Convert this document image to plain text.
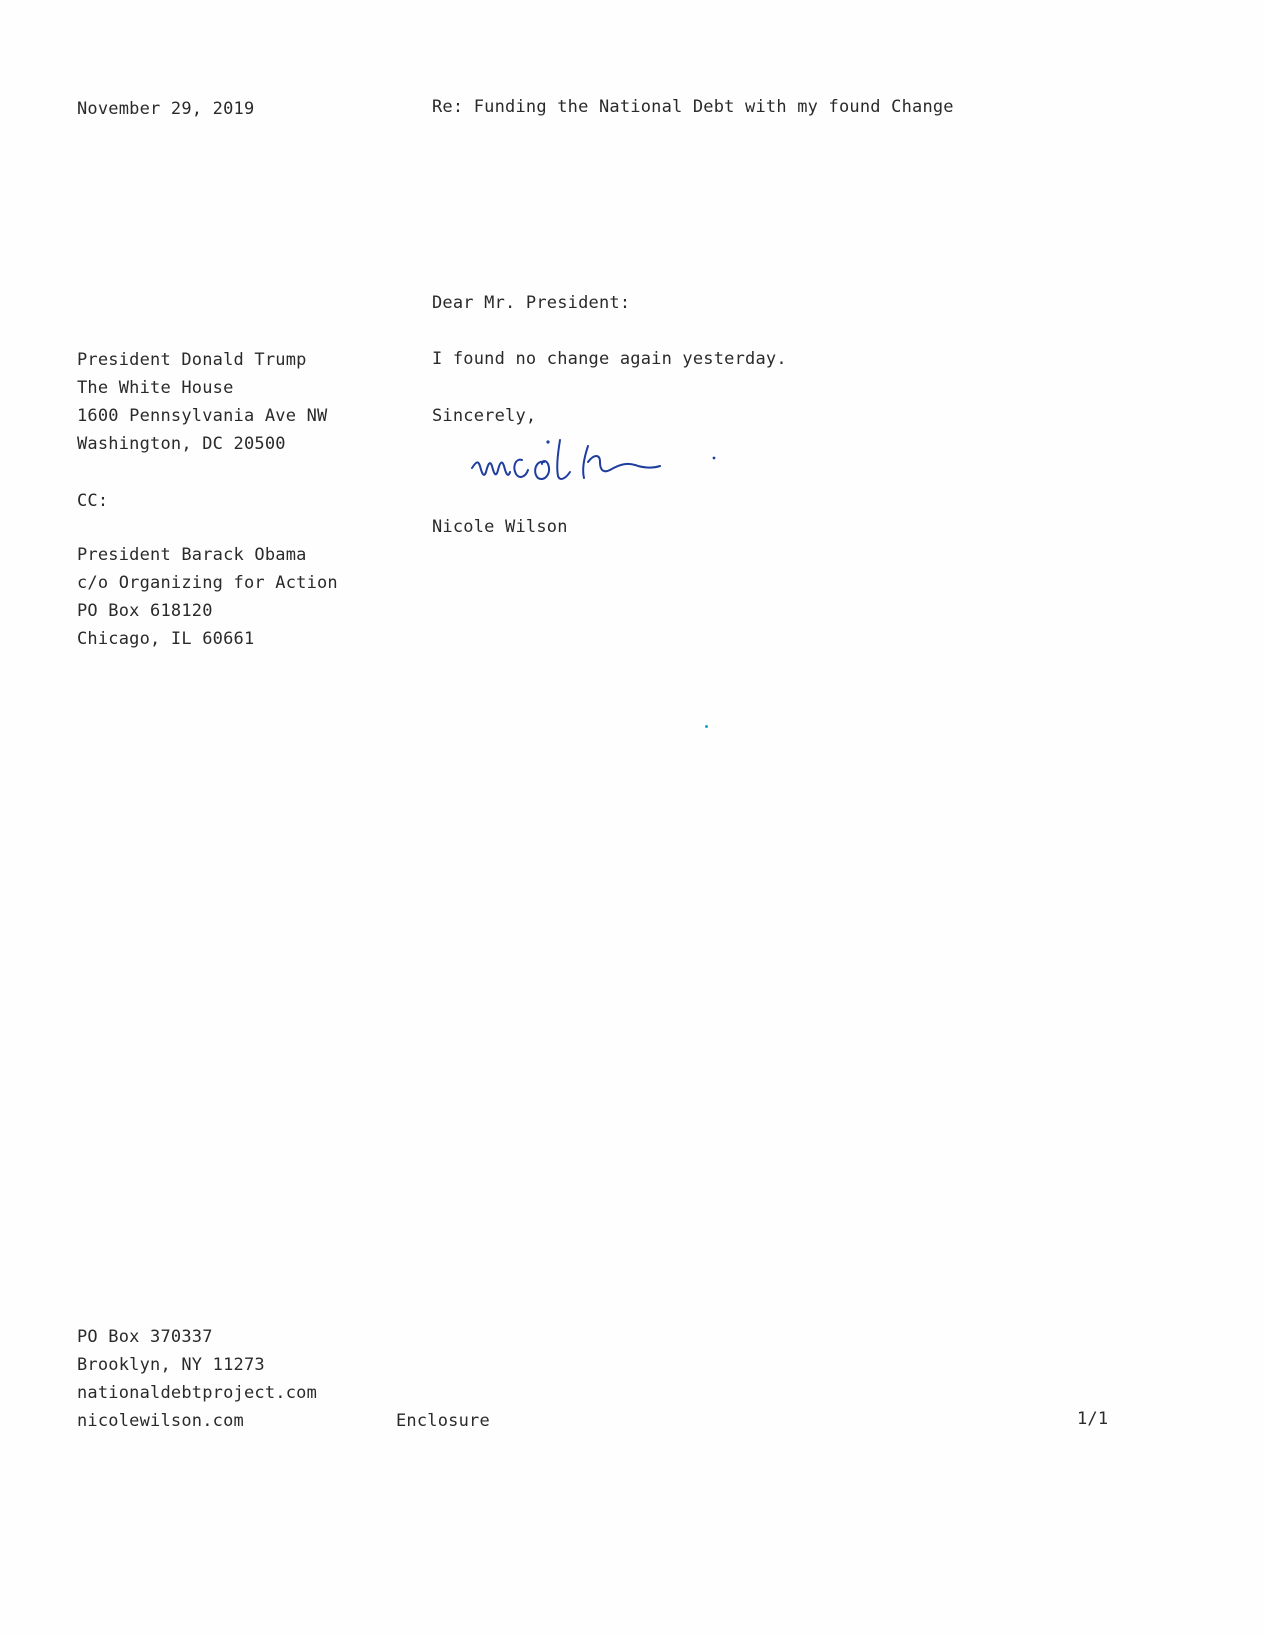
November 29, 2019	Re: Funding the National Debt with my found Change
Dear Mr. President:
I found no change again yesterday.
Sincerely,
Nicole Wilson
President Donald Trump
The White House
1600 Pennsylvania Ave NW
Washington, DC 20500
CC:
President Barack Obama
c/o Organizing for Action
PO Box 618120
Chicago, IL 60661
PO Box 370337
Brooklyn, NY 11273
nationaldebtproject.com
nicolewilson.com	Enclosure	1/1
